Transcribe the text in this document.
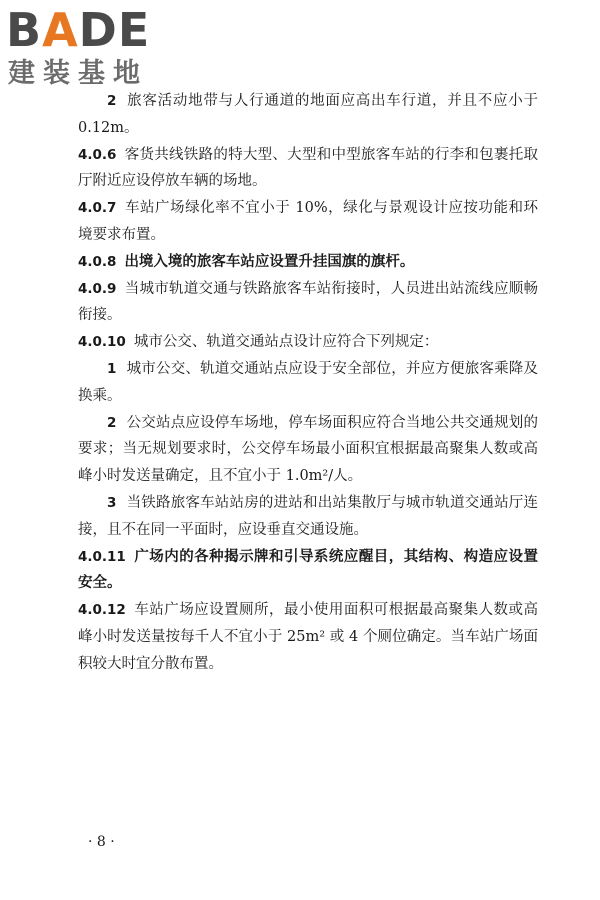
BADE
建装基地

2 旅客活动地带与人行通道的地面应高出车行道，并且不应小于 0.12m。

4.0.6 客货共线铁路的特大型、大型和中型旅客车站的行李和包裹托取厅附近应设停放车辆的场地。

4.0.7 车站广场绿化率不宜小于 10%，绿化与景观设计应按功能和环境要求布置。

4.0.8 出境入境的旅客车站应设置升挂国旗的旗杆。

4.0.9 当城市轨道交通与铁路旅客车站衔接时，人员进出站流线应顺畅衔接。

4.0.10 城市公交、轨道交通站点设计应符合下列规定：

1 城市公交、轨道交通站点应设于安全部位，并应方便旅客乘降及换乘。

2 公交站点应设停车场地，停车场面积应符合当地公共交通规划的要求；当无规划要求时，公交停车场最小面积宜根据最高聚集人数或高峰小时发送量确定，且不宜小于 1.0m²/人。

3 当铁路旅客车站站房的进站和出站集散厅与城市轨道交通站厅连接，且不在同一平面时，应设垂直交通设施。

4.0.11 广场内的各种揭示牌和引导系统应醒目，其结构、构造应设置安全。

4.0.12 车站广场应设置厕所，最小使用面积可根据最高聚集人数或高峰小时发送量按每千人不宜小于 25m² 或 4 个厕位确定。当车站广场面积较大时宜分散布置。

· 8 ·
